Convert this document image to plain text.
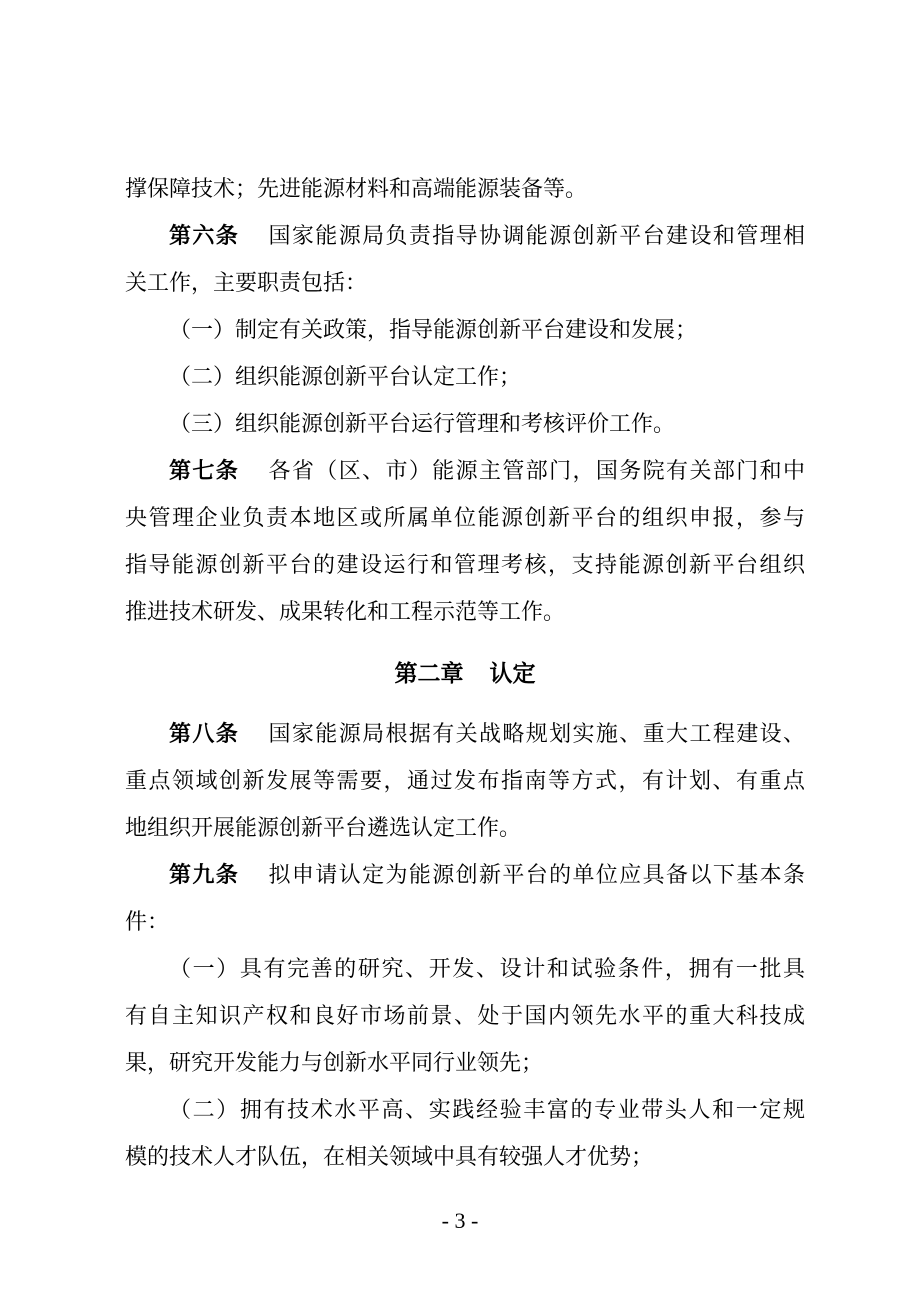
撑保障技术；先进能源材料和高端能源装备等。
第六条 国家能源局负责指导协调能源创新平台建设和管理相
关工作，主要职责包括：
（一）制定有关政策，指导能源创新平台建设和发展；
（二）组织能源创新平台认定工作；
（三）组织能源创新平台运行管理和考核评价工作。
第七条 各省（区、市）能源主管部门，国务院有关部门和中
央管理企业负责本地区或所属单位能源创新平台的组织申报，参与
指导能源创新平台的建设运行和管理考核，支持能源创新平台组织
推进技术研发、成果转化和工程示范等工作。
第二章 认定
第八条 国家能源局根据有关战略规划实施、重大工程建设、
重点领域创新发展等需要，通过发布指南等方式，有计划、有重点
地组织开展能源创新平台遴选认定工作。
第九条 拟申请认定为能源创新平台的单位应具备以下基本条
件：
（一）具有完善的研究、开发、设计和试验条件，拥有一批具
有自主知识产权和良好市场前景、处于国内领先水平的重大科技成
果，研究开发能力与创新水平同行业领先；
（二）拥有技术水平高、实践经验丰富的专业带头人和一定规
模的技术人才队伍，在相关领域中具有较强人才优势；
- 3 -
